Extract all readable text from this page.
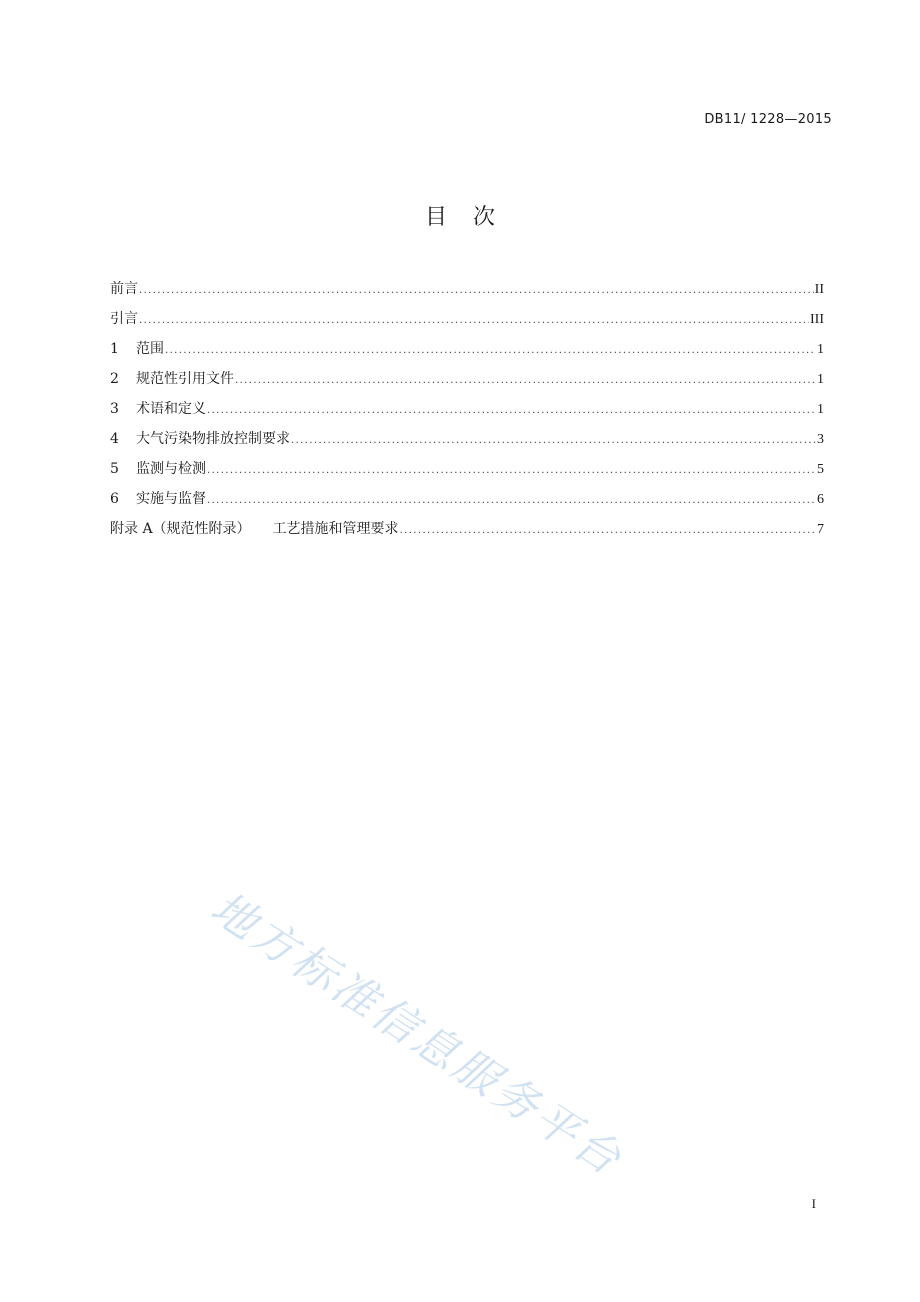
DB11/ 1228—2015
目 次
前言 .....	II
引言 .....	III
1	范围 .....	1
2	规范性引用文件 .....	1
3	术语和定义 .....	1
4	大气污染物排放控制要求 .....	3
5	监测与检测 .....	5
6	实施与监督 .....	6
附录 A（规范性附录） 工艺措施和管理要求 .....	7
地方标准信息服务平台
I
